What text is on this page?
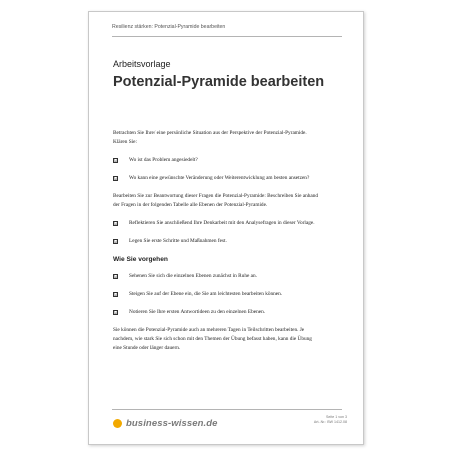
Resilienz stärken: Potenzial-Pyramide bearbeiten
Arbeitsvorlage
Potenzial-Pyramide bearbeiten

Betrachten Sie Ihre/ eine persönliche Situation aus der Perspektive der Potenzial-Pyramide. Klären Sie:

☑ Wo ist das Problem angesiedelt?
☑ Wo kann eine gewünschte Veränderung oder Weiterentwicklung am besten ansetzen?

Bearbeiten Sie zur Beantwortung dieser Fragen die Potenzial-Pyramide: Beschreiben Sie anhand der Fragen in der folgenden Tabelle alle Ebenen der Potenzial-Pyramide.

☑ Reflektieren Sie anschließend Ihre Denkarbeit mit den Analysefragen in dieser Vorlage.
☑ Legen Sie erste Schritte und Maßnahmen fest.
Wie Sie vorgehen
☑ Sehenen Sie sich die einzelnen Ebenen zunächst in Ruhe an.
☑ Steigen Sie auf der Ebene ein, die Sie am leichtesten bearbeiten können.
☑ Notieren Sie Ihre ersten Antwortideen zu den einzelnen Ebenen.

Sie können die Potenzial-Pyramide auch an mehreren Tagen in Teilschritten bearbeiten. Je nachdem, wie stark Sie sich schon mit den Themen der Übung befasst haben, kann die Übung eine Stunde oder länger dauern.

business-wissen.de
Seite 1 von 3
Art.-Nr.: BW 1412.08
